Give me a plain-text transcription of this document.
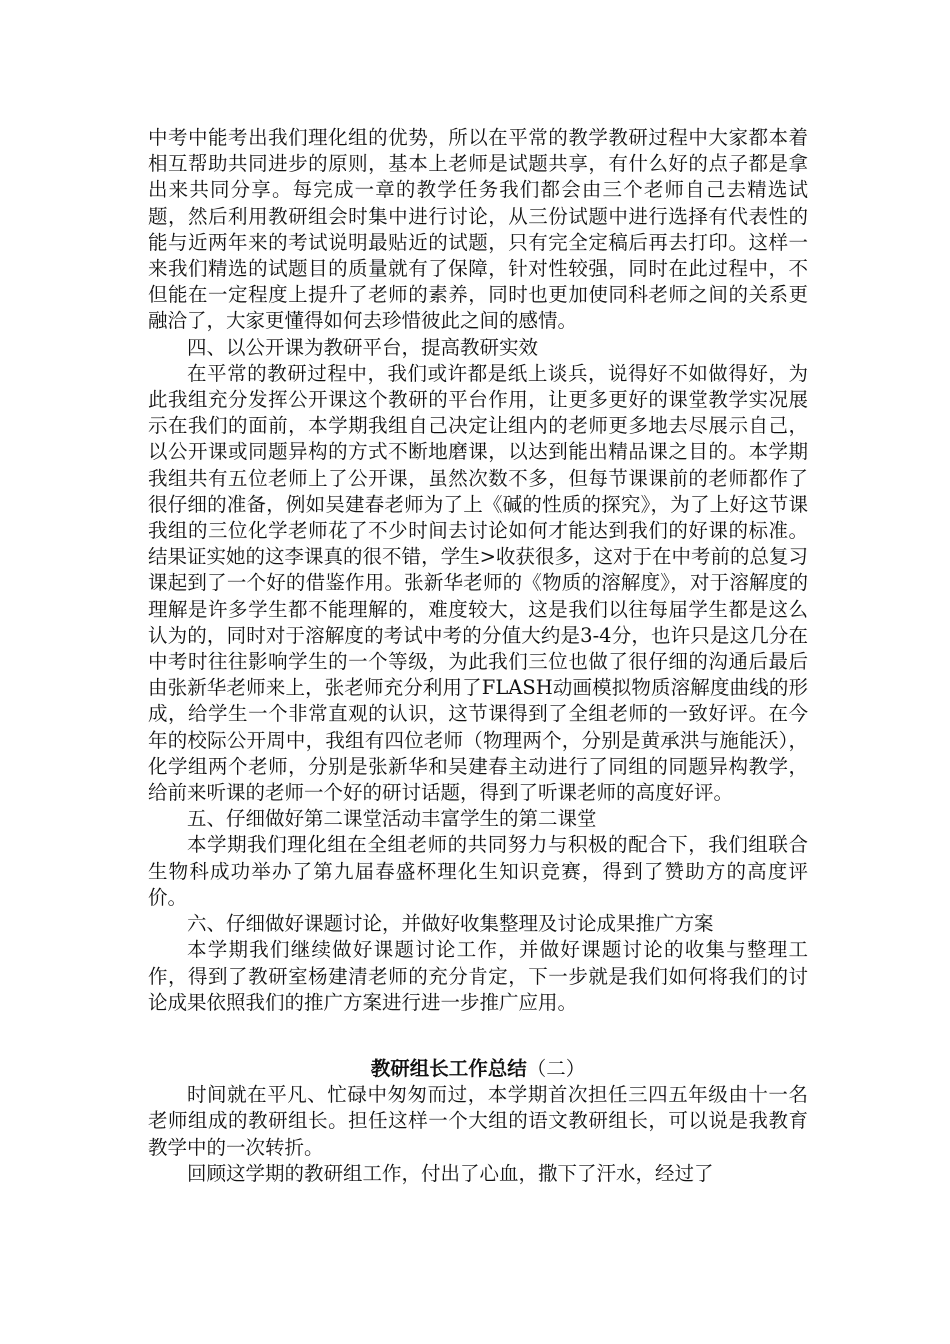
中考中能考出我们理化组的优势，所以在平常的教学教研过程中大家都本着相互帮助共同进步的原则，基本上老师是试题共享，有什么好的点子都是拿出来共同分享。每完成一章的教学任务我们都会由三个老师自己去精选试题，然后利用教研组会时集中进行讨论，从三份试题中进行选择有代表性的能与近两年来的考试说明最贴近的试题，只有完全定稿后再去打印。这样一来我们精选的试题目的质量就有了保障，针对性较强，同时在此过程中，不但能在一定程度上提升了老师的素养，同时也更加使同科老师之间的关系更融洽了，大家更懂得如何去珍惜彼此之间的感情。

四、以公开课为教研平台，提高教研实效

在平常的教研过程中，我们或许都是纸上谈兵，说得好不如做得好，为此我组充分发挥公开课这个教研的平台作用，让更多更好的课堂教学实况展示在我们的面前，本学期我组自己决定让组内的老师更多地去尽展示自己，以公开课或同题异构的方式不断地磨课，以达到能出精品课之目的。本学期我组共有五位老师上了公开课，虽然次数不多，但每节课课前的老师都作了很仔细的准备，例如吴建春老师为了上《碱的性质的探究》，为了上好这节课我组的三位化学老师花了不少时间去讨论如何才能达到我们的好课的标准。结果证实她的这李课真的很不错，学生>收获很多，这对于在中考前的总复习课起到了一个好的借鉴作用。张新华老师的《物质的溶解度》，对于溶解度的理解是许多学生都不能理解的，难度较大，这是我们以往每届学生都是这么认为的，同时对于溶解度的考试中考的分值大约是3-4分，也许只是这几分在中考时往往影响学生的一个等级，为此我们三位也做了很仔细的沟通后最后由张新华老师来上，张老师充分利用了FLASH动画模拟物质溶解度曲线的形成，给学生一个非常直观的认识，这节课得到了全组老师的一致好评。在今年的校际公开周中，我组有四位老师（物理两个，分别是黄承洪与施能沃），化学组两个老师，分别是张新华和吴建春主动进行了同组的同题异构教学，给前来听课的老师一个好的研讨话题，得到了听课老师的高度好评。

五、仔细做好第二课堂活动丰富学生的第二课堂

本学期我们理化组在全组老师的共同努力与积极的配合下，我们组联合生物科成功举办了第九届春盛杯理化生知识竞赛，得到了赞助方的高度评价。

六、仔细做好课题讨论，并做好收集整理及讨论成果推广方案

本学期我们继续做好课题讨论工作，并做好课题讨论的收集与整理工作，得到了教研室杨建清老师的充分肯定，下一步就是我们如何将我们的讨论成果依照我们的推广方案进行进一步推广应用。

教研组长工作总结（二）

时间就在平凡、忙碌中匆匆而过，本学期首次担任三四五年级由十一名老师组成的教研组长。担任这样一个大组的语文教研组长，可以说是我教育教学中的一次转折。

回顾这学期的教研组工作，付出了心血，撒下了汗水，经过了
